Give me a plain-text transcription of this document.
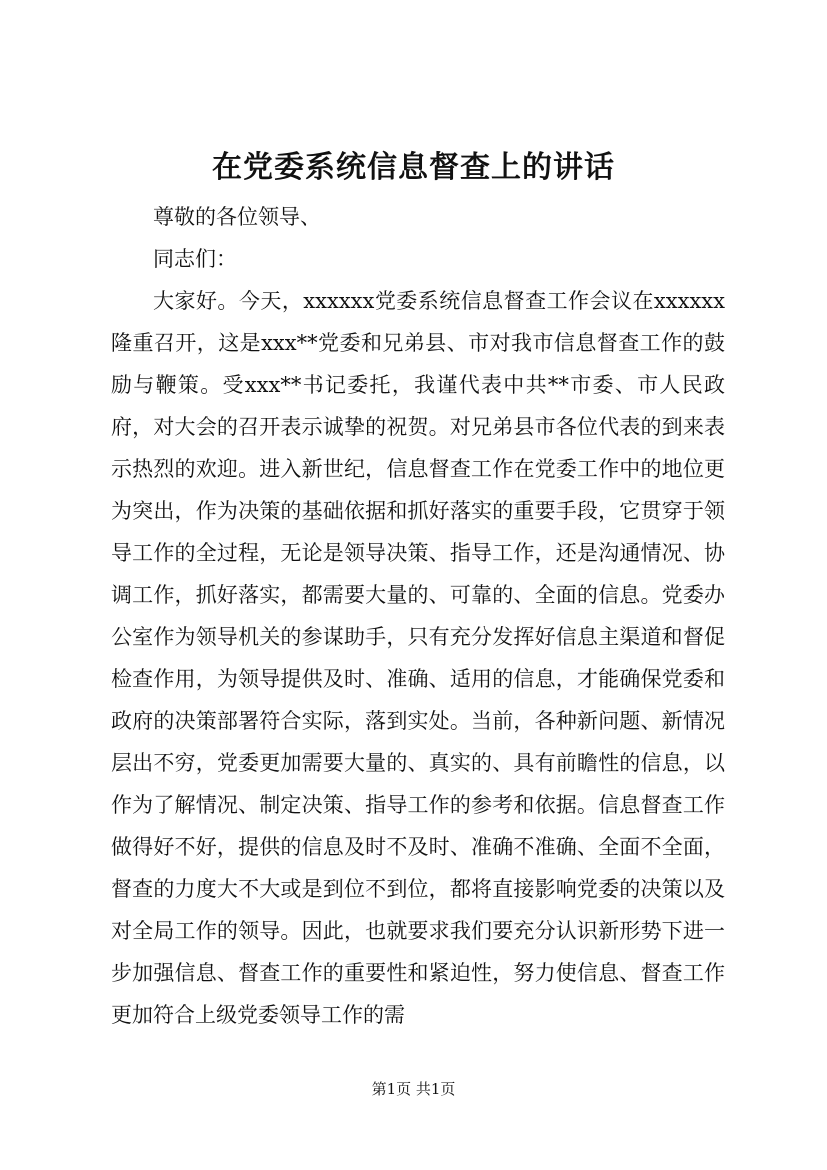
在党委系统信息督查上的讲话

尊敬的各位领导、

同志们：

大家好。今天，xxxxxx党委系统信息督查工作会议在xxxxxx隆重召开，这是xxx**党委和兄弟县、市对我市信息督查工作的鼓励与鞭策。受xxx**书记委托，我谨代表中共**市委、市人民政府，对大会的召开表示诚挚的祝贺。对兄弟县市各位代表的到来表示热烈的欢迎。进入新世纪，信息督查工作在党委工作中的地位更为突出，作为决策的基础依据和抓好落实的重要手段，它贯穿于领导工作的全过程，无论是领导决策、指导工作，还是沟通情况、协调工作，抓好落实，都需要大量的、可靠的、全面的信息。党委办公室作为领导机关的参谋助手，只有充分发挥好信息主渠道和督促检查作用，为领导提供及时、准确、适用的信息，才能确保党委和政府的决策部署符合实际，落到实处。当前，各种新问题、新情况层出不穷，党委更加需要大量的、真实的、具有前瞻性的信息，以作为了解情况、制定决策、指导工作的参考和依据。信息督查工作做得好不好，提供的信息及时不及时、准确不准确、全面不全面，督查的力度大不大或是到位不到位，都将直接影响党委的决策以及对全局工作的领导。因此，也就要求我们要充分认识新形势下进一步加强信息、督查工作的重要性和紧迫性，努力使信息、督查工作更加符合上级党委领导工作的需

第1页 共1页
